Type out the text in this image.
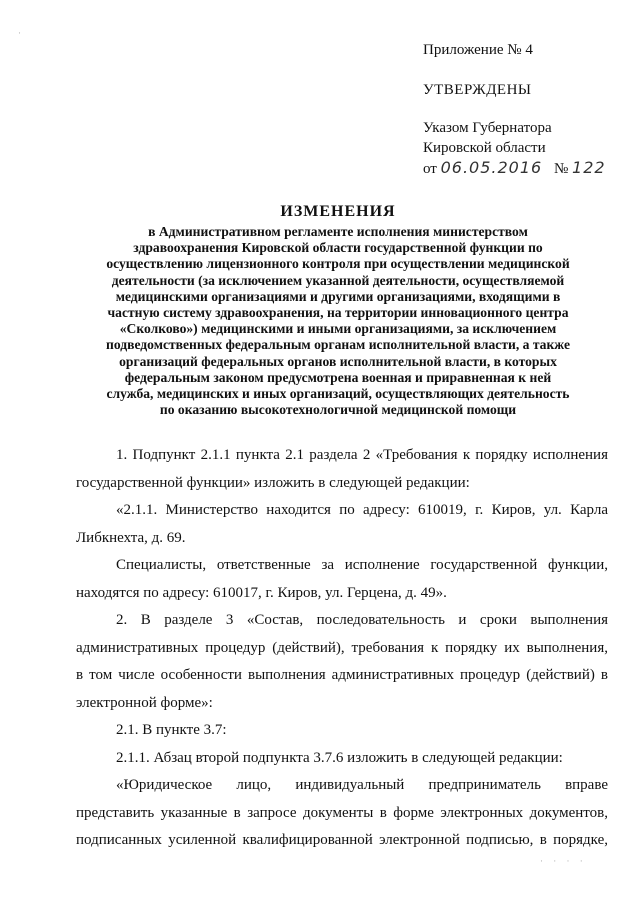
·
Приложение № 4
УТВЕРЖДЕНЫ
Указом Губернатора
Кировской области
от 06.05.2016 № 122
ИЗМЕНЕНИЯ
в Административном регламенте исполнения министерством
здравоохранения Кировской области государственной функции по
осуществлению лицензионного контроля при осуществлении медицинской
деятельности (за исключением указанной деятельности, осуществляемой
медицинскими организациями и другими организациями, входящими в
частную систему здравоохранения, на территории инновационного центра
«Сколково») медицинскими и иными организациями, за исключением
подведомственных федеральным органам исполнительной власти, а также
организаций федеральных органов исполнительной власти, в которых
федеральным законом предусмотрена военная и приравненная к ней
служба, медицинских и иных организаций, осуществляющих деятельность
по оказанию высокотехнологичной медицинской помощи
1. Подпункт 2.1.1 пункта 2.1 раздела 2 «Требования к порядку исполнения
государственной функции» изложить в следующей редакции:
«2.1.1. Министерство находится по адресу: 610019, г. Киров, ул. Карла
Либкнехта, д. 69.
Специалисты, ответственные за исполнение государственной функции,
находятся по адресу: 610017, г. Киров, ул. Герцена, д. 49».
2. В разделе 3 «Состав, последовательность и сроки выполнения
административных процедур (действий), требования к порядку их выполнения,
в том числе особенности выполнения административных процедур (действий) в
электронной форме»:
2.1. В пункте 3.7:
2.1.1. Абзац второй подпункта 3.7.6 изложить в следующей редакции:
«Юридическое лицо, индивидуальный предприниматель вправе
представить указанные в запросе документы в форме электронных документов,
подписанных усиленной квалифицированной электронной подписью, в порядке,
· · · ·
